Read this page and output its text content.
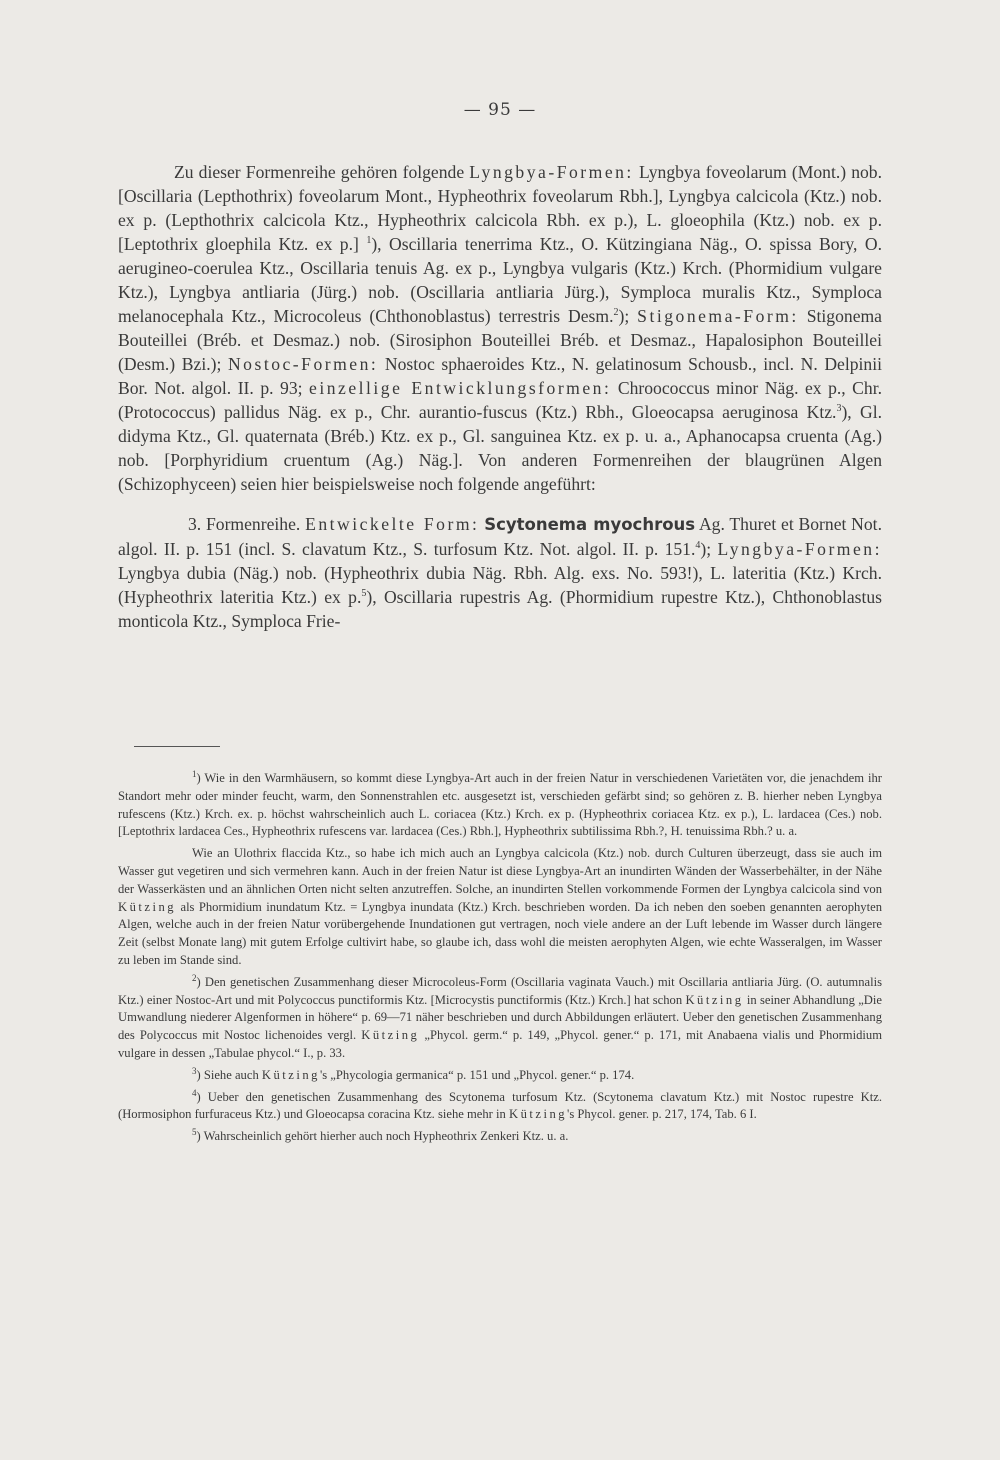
— 95 —

Zu dieser Formenreihe gehören folgende Lyngbya-Formen: Lyngbya foveolarum (Mont.) nob. [Oscillaria (Lepthothrix) foveolarum Mont., Hypheothrix foveolarum Rbh.], Lyngbya calcicola (Ktz.) nob. ex p. (Lepthothrix calcicola Ktz., Hypheothrix calcicola Rbh. ex p.), L. gloeophila (Ktz.) nob. ex p. [Leptothrix gloephila Ktz. ex p.] $^1$), Oscillaria tenerrima Ktz., O. Kützingiana Näg., O. spissa Bory, O. aerugineo-coerulea Ktz., Oscillaria tenuis Ag. ex p., Lyngbya vulgaris (Ktz.) Krch. (Phormidium vulgare Ktz.), Lyngbya antliaria (Jürg.) nob. (Oscillaria antliaria Jürg.), Symploca muralis Ktz., Symploca melanocephala Ktz., Microcoleus (Chthonoblastus) terrestris Desm.$^2$); Stigonema-Form: Stigonema Bouteillei (Bréb. et Desmaz.) nob. (Sirosiphon Bouteillei Bréb. et Desmaz., Hapalosiphon Bouteillei (Desm.) Bzi.); Nostoc-Formen: Nostoc sphaeroides Ktz., N. gelatinosum Schousb., incl. N. Delpinii Bor. Not. algol. II. p. 93; einzellige Entwicklungsformen: Chroococcus minor Näg. ex p., Chr. (Protococcus) pallidus Näg. ex p., Chr. aurantio-fuscus (Ktz.) Rbh., Gloeocapsa aeruginosa Ktz.$^3$), Gl. didyma Ktz., Gl. quaternata (Bréb.) Ktz. ex p., Gl. sanguinea Ktz. ex p. u. a., Aphanocapsa cruenta (Ag.) nob. [Porphyridium cruentum (Ag.) Näg.]. Von anderen Formenreihen der blaugrünen Algen (Schizophyceen) seien hier beispielsweise noch folgende angeführt:

3. Formenreihe. Entwickelte Form: Scytonema myochrous Ag. Thuret et Bornet Not. algol. II. p. 151 (incl. S. clavatum Ktz., S. turfosum Ktz. Not. algol. II. p. 151.$^4$); Lyngbya-Formen: Lyngbya dubia (Näg.) nob. (Hypheothrix dubia Näg. Rbh. Alg. exs. No. 593!), L. lateritia (Ktz.) Krch. (Hypheothrix lateritia Ktz.) ex p.$^5$), Oscillaria rupestris Ag. (Phormidium rupestre Ktz.), Chthonoblastus monticola Ktz., Symploca Frie-

$^1$) Wie in den Warmhäusern, so kommt diese Lyngbya-Art auch in der freien Natur in verschiedenen Varietäten vor, die jenachdem ihr Standort mehr oder minder feucht, warm, den Sonnenstrahlen etc. ausgesetzt ist, verschieden gefärbt sind; so gehören z. B. hierher neben Lyngbya rufescens (Ktz.) Krch. ex. p. höchst wahrscheinlich auch L. coriacea (Ktz.) Krch. ex p. (Hypheothrix coriacea Ktz. ex p.), L. lardacea (Ces.) nob. [Leptothrix lardacea Ces., Hypheothrix rufescens var. lardacea (Ces.) Rbh.], Hypheothrix subtilissima Rbh.?, H. tenuissima Rbh.? u. a.

Wie an Ulothrix flaccida Ktz., so habe ich mich auch an Lyngbya calcicola (Ktz.) nob. durch Culturen überzeugt, dass sie auch im Wasser gut vegetiren und sich vermehren kann. Auch in der freien Natur ist diese Lyngbya-Art an inundirten Wänden der Wasserbehälter, in der Nähe der Wasserkästen und an ähnlichen Orten nicht selten anzutreffen. Solche, an inundirten Stellen vorkommende Formen der Lyngbya calcicola sind von Kützing als Phormidium inundatum Ktz. = Lyngbya inundata (Ktz.) Krch. beschrieben worden. Da ich neben den soeben genannten aerophyten Algen, welche auch in der freien Natur vorübergehende Inundationen gut vertragen, noch viele andere an der Luft lebende im Wasser durch längere Zeit (selbst Monate lang) mit gutem Erfolge cultivirt habe, so glaube ich, dass wohl die meisten aerophyten Algen, wie echte Wasseralgen, im Wasser zu leben im Stande sind.

$^2$) Den genetischen Zusammenhang dieser Microcoleus-Form (Oscillaria vaginata Vauch.) mit Oscillaria antliaria Jürg. (O. autumnalis Ktz.) einer Nostoc-Art und mit Polycoccus punctiformis Ktz. [Microcystis punctiformis (Ktz.) Krch.] hat schon Kützing in seiner Abhandlung „Die Umwandlung niederer Algenformen in höhere“ p. 69—71 näher beschrieben und durch Abbildungen erläutert. Ueber den genetischen Zusammenhang des Polycoccus mit Nostoc lichenoides vergl. Kützing „Phycol. germ.“ p. 149, „Phycol. gener.“ p. 171, mit Anabaena vialis und Phormidium vulgare in dessen „Tabulae phycol.“ I., p. 33.

$^3$) Siehe auch Kützing's „Phycologia germanica“ p. 151 und „Phycol. gener.“ p. 174.

$^4$) Ueber den genetischen Zusammenhang des Scytonema turfosum Ktz. (Scytonema clavatum Ktz.) mit Nostoc rupestre Ktz. (Hormosiphon furfuraceus Ktz.) und Gloeocapsa coracina Ktz. siehe mehr in Kützing's Phycol. gener. p. 217, 174, Tab. 6 I.

$^5$) Wahrscheinlich gehört hierher auch noch Hypheothrix Zenkeri Ktz. u. a.
